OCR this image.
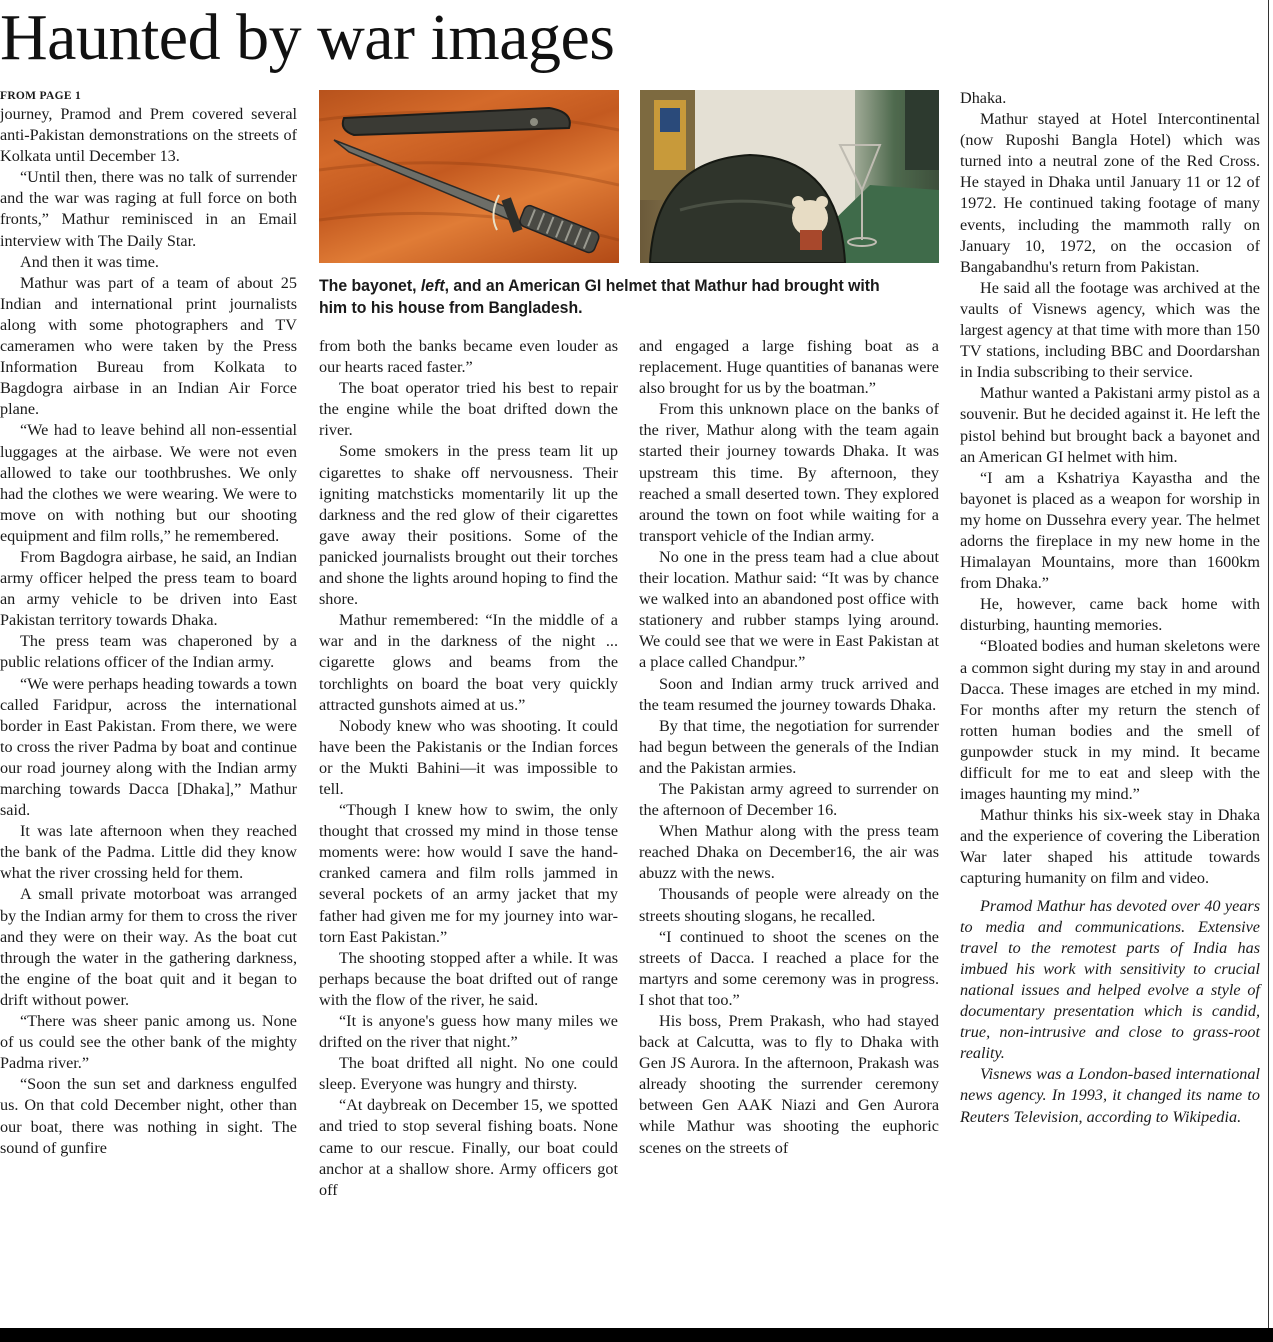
Haunted by war images

FROM PAGE 1

journey, Pramod and Prem covered several anti-Pakistan demonstrations on the streets of Kolkata until December 13.

“Until then, there was no talk of surrender and the war was raging at full force on both fronts,” Mathur reminisced in an Email interview with The Daily Star.

And then it was time.

Mathur was part of a team of about 25 Indian and international print journalists along with some photographers and TV cameramen who were taken by the Press Information Bureau from Kolkata to Bagdogra airbase in an Indian Air Force plane.

“We had to leave behind all non-essential luggages at the airbase. We were not even allowed to take our toothbrushes. We only had the clothes we were wearing. We were to move on with nothing but our shooting equipment and film rolls,” he remembered.

From Bagdogra airbase, he said, an Indian army officer helped the press team to board an army vehicle to be driven into East Pakistan territory towards Dhaka.

The press team was chaperoned by a public relations officer of the Indian army.

“We were perhaps heading towards a town called Faridpur, across the international border in East Pakistan. From there, we were to cross the river Padma by boat and continue our road journey along with the Indian army marching towards Dacca [Dhaka],” Mathur said.

It was late afternoon when they reached the bank of the Padma. Little did they know what the river crossing held for them.

A small private motorboat was arranged by the Indian army for them to cross the river and they were on their way. As the boat cut through the water in the gathering darkness, the engine of the boat quit and it began to drift without power.

“There was sheer panic among us. None of us could see the other bank of the mighty Padma river.”

“Soon the sun set and darkness engulfed us. On that cold December night, other than our boat, there was nothing in sight. The sound of gunfire

The bayonet, left, and an American GI helmet that Mathur had brought with him to his house from Bangladesh.

from both the banks became even louder as our hearts raced faster.”

The boat operator tried his best to repair the engine while the boat drifted down the river.

Some smokers in the press team lit up cigarettes to shake off nervousness. Their igniting matchsticks momentarily lit up the darkness and the red glow of their cigarettes gave away their positions. Some of the panicked journalists brought out their torches and shone the lights around hoping to find the shore.

Mathur remembered: “In the middle of a war and in the darkness of the night ... cigarette glows and beams from the torchlights on board the boat very quickly attracted gunshots aimed at us.”

Nobody knew who was shooting. It could have been the Pakistanis or the Indian forces or the Mukti Bahini—it was impossible to tell.

“Though I knew how to swim, the only thought that crossed my mind in those tense moments were: how would I save the hand-cranked camera and film rolls jammed in several pockets of an army jacket that my father had given me for my journey into war-torn East Pakistan.”

The shooting stopped after a while. It was perhaps because the boat drifted out of range with the flow of the river, he said.

“It is anyone's guess how many miles we drifted on the river that night.”

The boat drifted all night. No one could sleep. Everyone was hungry and thirsty.

“At daybreak on December 15, we spotted and tried to stop several fishing boats. None came to our rescue. Finally, our boat could anchor at a shallow shore. Army officers got off

and engaged a large fishing boat as a replacement. Huge quantities of bananas were also brought for us by the boatman.”

From this unknown place on the banks of the river, Mathur along with the team again started their journey towards Dhaka. It was upstream this time. By afternoon, they reached a small deserted town. They explored around the town on foot while waiting for a transport vehicle of the Indian army.

No one in the press team had a clue about their location. Mathur said: “It was by chance we walked into an abandoned post office with stationery and rubber stamps lying around. We could see that we were in East Pakistan at a place called Chandpur.”

Soon and Indian army truck arrived and the team resumed the journey towards Dhaka.

By that time, the negotiation for surrender had begun between the generals of the Indian and the Pakistan armies.

The Pakistan army agreed to surrender on the afternoon of December 16.

When Mathur along with the press team reached Dhaka on December16, the air was abuzz with the news.

Thousands of people were already on the streets shouting slogans, he recalled.

“I continued to shoot the scenes on the streets of Dacca. I reached a place for the martyrs and some ceremony was in progress. I shot that too.”

His boss, Prem Prakash, who had stayed back at Calcutta, was to fly to Dhaka with Gen JS Aurora. In the afternoon, Prakash was already shooting the surrender ceremony between Gen AAK Niazi and Gen Aurora while Mathur was shooting the euphoric scenes on the streets of

Dhaka.

Mathur stayed at Hotel Intercontinental (now Ruposhi Bangla Hotel) which was turned into a neutral zone of the Red Cross. He stayed in Dhaka until January 11 or 12 of 1972. He continued taking footage of many events, including the mammoth rally on January 10, 1972, on the occasion of Bangabandhu's return from Pakistan.

He said all the footage was archived at the vaults of Visnews agency, which was the largest agency at that time with more than 150 TV stations, including BBC and Doordarshan in India subscribing to their service.

Mathur wanted a Pakistani army pistol as a souvenir. But he decided against it. He left the pistol behind but brought back a bayonet and an American GI helmet with him.

“I am a Kshatriya Kayastha and the bayonet is placed as a weapon for worship in my home on Dussehra every year. The helmet adorns the fireplace in my new home in the Himalayan Mountains, more than 1600km from Dhaka.”

He, however, came back home with disturbing, haunting memories.

“Bloated bodies and human skeletons were a common sight during my stay in and around Dacca. These images are etched in my mind. For months after my return the stench of rotten human bodies and the smell of gunpowder stuck in my mind. It became difficult for me to eat and sleep with the images haunting my mind.”

Mathur thinks his six-week stay in Dhaka and the experience of covering the Liberation War later shaped his attitude towards capturing humanity on film and video.

Pramod Mathur has devoted over 40 years to media and communications. Extensive travel to the remotest parts of India has imbued his work with sensitivity to crucial national issues and helped evolve a style of documentary presentation which is candid, true, non-intrusive and close to grass-root reality.

Visnews was a London-based international news agency. In 1993, it changed its name to Reuters Television, according to Wikipedia.
